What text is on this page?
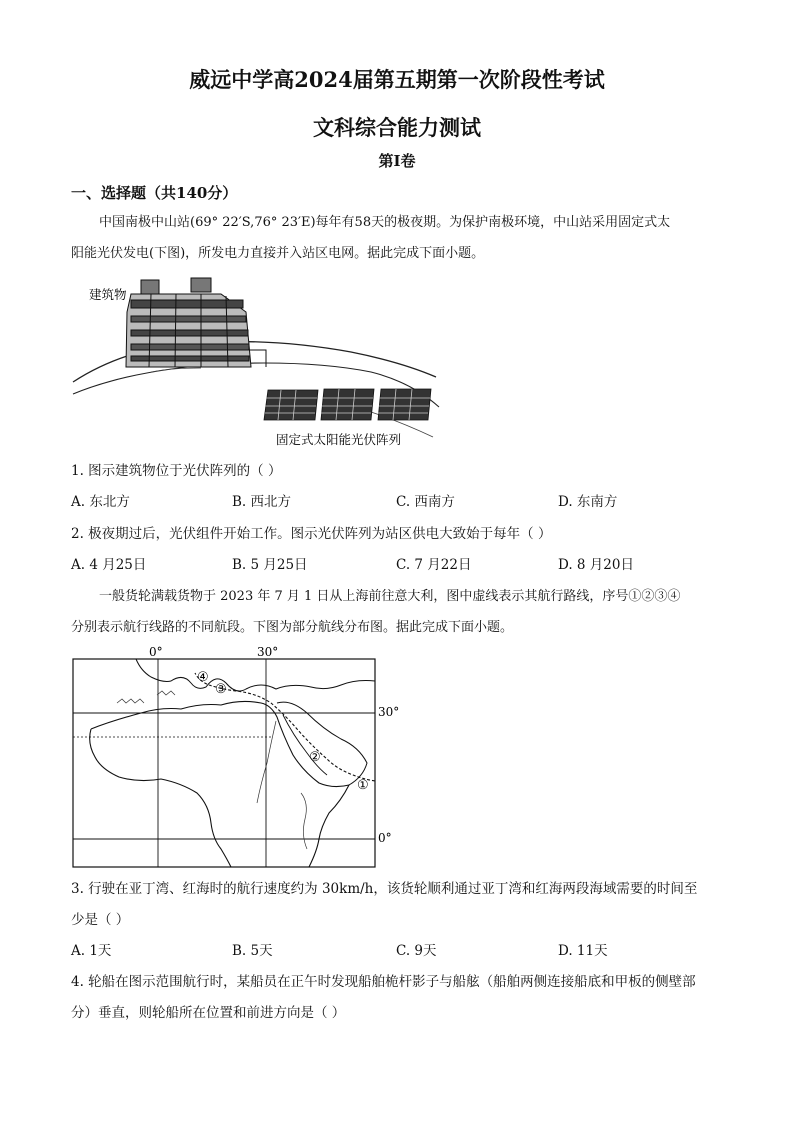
威远中学高2024届第五期第一次阶段性考试
文科综合能力测试
第Ⅰ卷
一、选择题（共140分）
中国南极中山站(69° 22′S,76° 23′E)每年有58天的极夜期。为保护南极环境，中山站采用固定式太
阳能光伏发电(下图)，所发电力直接并入站区电网。据此完成下面小题。
建筑物
固定式太阳能光伏阵列
1. 图示建筑物位于光伏阵列的（ ）
A. 东北方	B. 西北方	C. 西南方	D. 东南方
2. 极夜期过后，光伏组件开始工作。图示光伏阵列为站区供电大致始于每年（ ）
A. 4 月25日	B. 5 月25日	C. 7 月22日	D. 8 月20日
一般货轮满载货物于 2023 年 7 月 1 日从上海前往意大利，图中虚线表示其航行路线，序号①②③④
分别表示航行线路的不同航段。下图为部分航线分布图。据此完成下面小题。
0°	30°
30°
0°
①
②
③
④
3. 行驶在亚丁湾、红海时的航行速度约为 30km/h，该货轮顺利通过亚丁湾和红海两段海域需要的时间至
少是（ ）
A. 1天	B. 5天	C. 9天	D. 11天
4. 轮船在图示范围航行时，某船员在正午时发现船舶桅杆影子与船舷（船舶两侧连接船底和甲板的侧壁部
分）垂直，则轮船所在位置和前进方向是（ ）
